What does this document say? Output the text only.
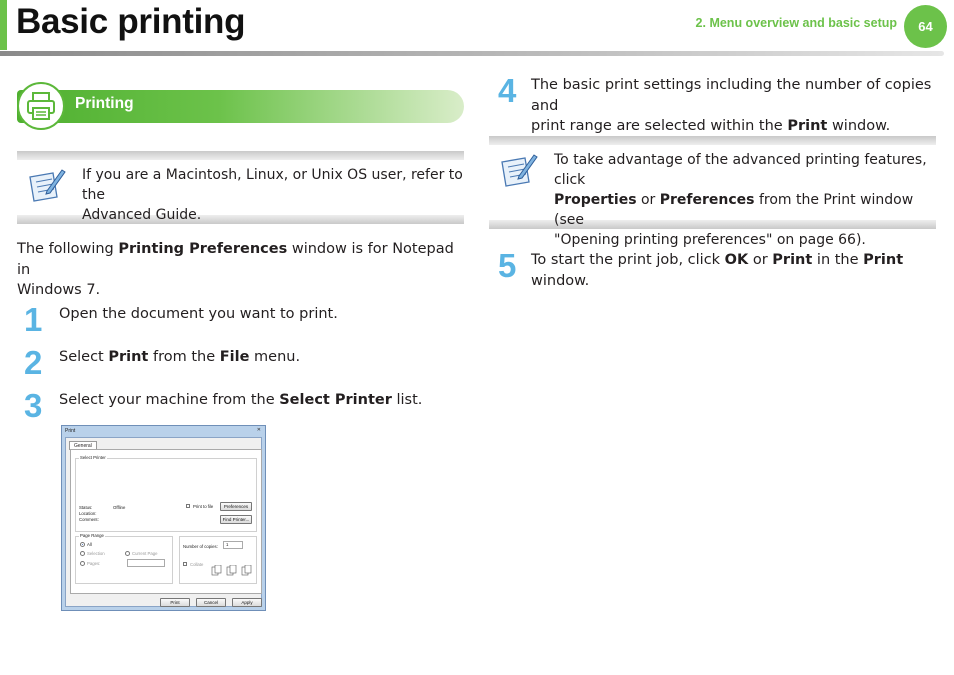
Basic printing	2. Menu overview and basic setup	64
Printing
If you are a Macintosh, Linux, or Unix OS user, refer to the
Advanced Guide.
The following Printing Preferences window is for Notepad in
Windows 7.
1 Open the document you want to print.
2 Select Print from the File menu.
3 Select your machine from the Select Printer list.
Print	✕
General
Select Printer
Status:	Offline
Location:
Comment:
Print to file	Preferences
Find Printer...
Page Range
All
Selection	Current Page
Pages:
Number of copies:	1
Collate
Print	Cancel	Apply
4 The basic print settings including the number of copies and
print range are selected within the Print window.
To take advantage of the advanced printing features, click
Properties or Preferences from the Print window (see
"Opening printing preferences" on page 66).
5 To start the print job, click OK or Print in the Print window.
